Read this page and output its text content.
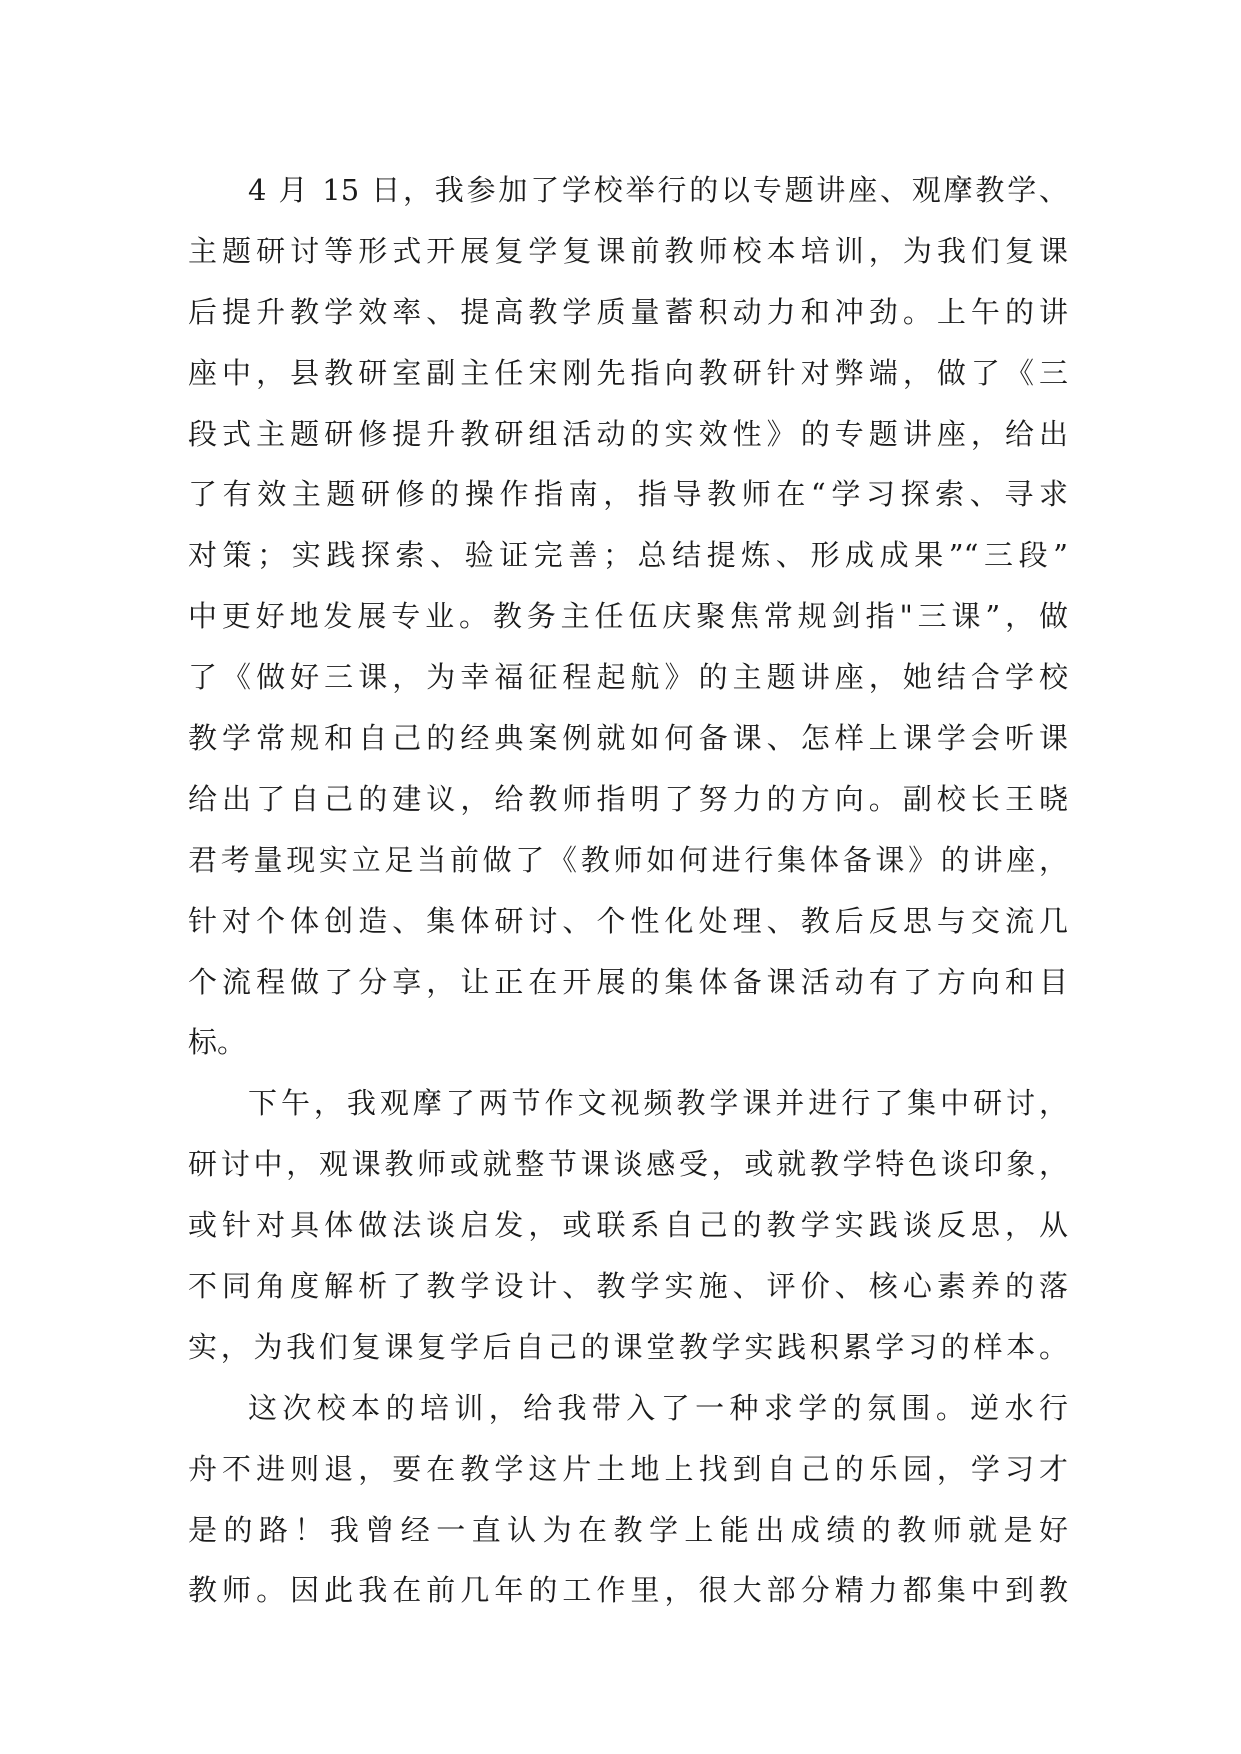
4 月 15 日，我参加了学校举行的以专题讲座、观摩教学、
主题研讨等形式开展复学复课前教师校本培训，为我们复课
后提升教学效率、提高教学质量蓄积动力和冲劲。上午的讲
座中，县教研室副主任宋刚先指向教研针对弊端，做了《三
段式主题研修提升教研组活动的实效性》的专题讲座，给出
了有效主题研修的操作指南，指导教师在“学习探索、寻求
对策；实践探索、验证完善；总结提炼、形成成果”“三段”
中更好地发展专业。教务主任伍庆聚焦常规剑指"三课”，做
了《做好三课，为幸福征程起航》的主题讲座，她结合学校
教学常规和自己的经典案例就如何备课、怎样上课学会听课
给出了自己的建议，给教师指明了努力的方向。副校长王晓
君考量现实立足当前做了《教师如何进行集体备课》的讲座，
针对个体创造、集体研讨、个性化处理、教后反思与交流几
个流程做了分享，让正在开展的集体备课活动有了方向和目
标。
下午，我观摩了两节作文视频教学课并进行了集中研讨，
研讨中，观课教师或就整节课谈感受，或就教学特色谈印象，
或针对具体做法谈启发，或联系自己的教学实践谈反思，从
不同角度解析了教学设计、教学实施、评价、核心素养的落
实，为我们复课复学后自己的课堂教学实践积累学习的样本。
这次校本的培训，给我带入了一种求学的氛围。逆水行
舟不进则退，要在教学这片土地上找到自己的乐园，学习才
是的路！我曾经一直认为在教学上能出成绩的教师就是好
教师。因此我在前几年的工作里，很大部分精力都集中到教
